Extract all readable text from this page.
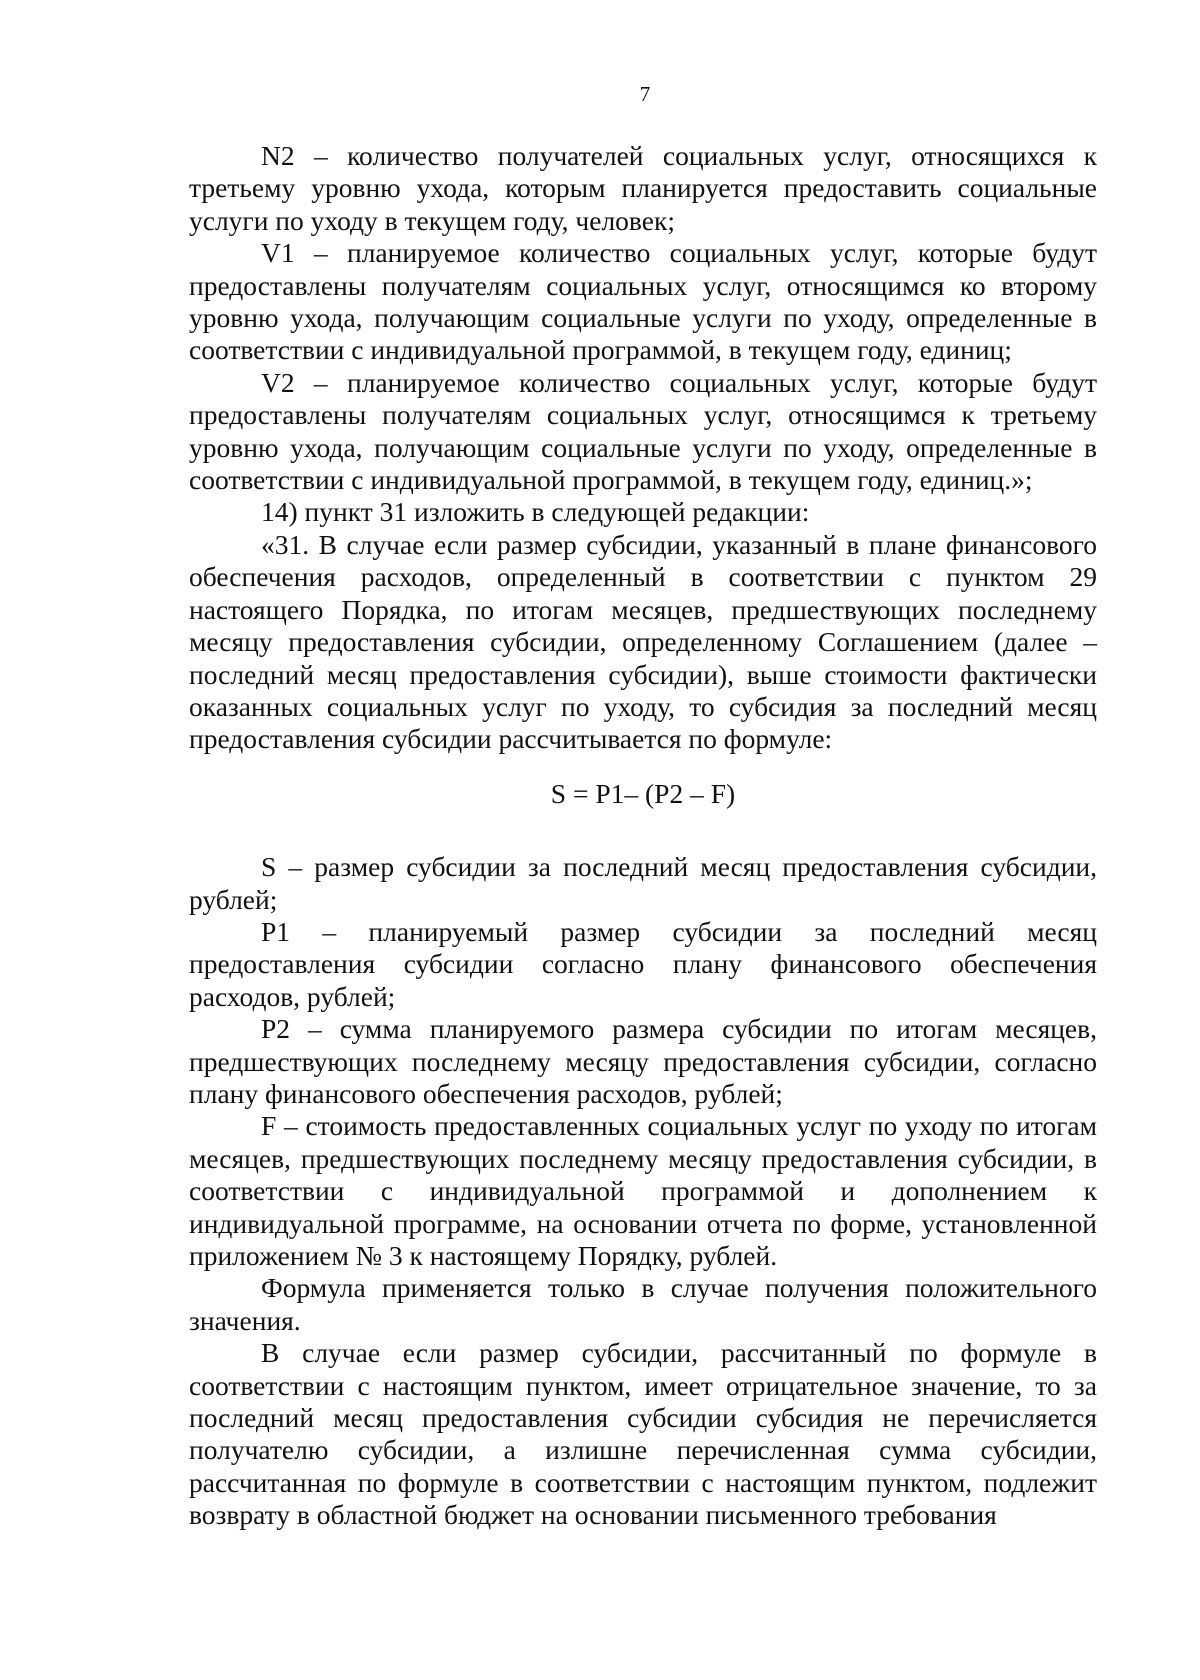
7

N2 – количество получателей социальных услуг, относящихся к третьему уровню ухода, которым планируется предоставить социальные услуги по уходу в текущем году, человек;

V1 – планируемое количество социальных услуг, которые будут предоставлены получателям социальных услуг, относящимся ко второму уровню ухода, получающим социальные услуги по уходу, определенные в соответствии с индивидуальной программой, в текущем году, единиц;

V2 – планируемое количество социальных услуг, которые будут предоставлены получателям социальных услуг, относящимся к третьему уровню ухода, получающим социальные услуги по уходу, определенные в соответствии с индивидуальной программой, в текущем году, единиц.»;

14) пункт 31 изложить в следующей редакции:

«31. В случае если размер субсидии, указанный в плане финансового обеспечения расходов, определенный в соответствии с пунктом 29 настоящего Порядка, по итогам месяцев, предшествующих последнему месяцу предоставления субсидии, определенному Соглашением (далее – последний месяц предоставления субсидии), выше стоимости фактически оказанных социальных услуг по уходу, то субсидия за последний месяц предоставления субсидии рассчитывается по формуле:

S = P1– (P2 – F)

S – размер субсидии за последний месяц предоставления субсидии, рублей;

P1 – планируемый размер субсидии за последний месяц предоставления субсидии согласно плану финансового обеспечения расходов, рублей;

P2 – сумма планируемого размера субсидии по итогам месяцев, предшествующих последнему месяцу предоставления субсидии, согласно плану финансового обеспечения расходов, рублей;

F – стоимость предоставленных социальных услуг по уходу по итогам месяцев, предшествующих последнему месяцу предоставления субсидии, в соответствии с индивидуальной программой и дополнением к индивидуальной программе, на основании отчета по форме, установленной приложением № 3 к настоящему Порядку, рублей.

Формула применяется только в случае получения положительного значения.

В случае если размер субсидии, рассчитанный по формуле в соответствии с настоящим пунктом, имеет отрицательное значение, то за последний месяц предоставления субсидии субсидия не перечисляется получателю субсидии, а излишне перечисленная сумма субсидии, рассчитанная по формуле в соответствии с настоящим пунктом, подлежит возврату в областной бюджет на основании письменного требования
